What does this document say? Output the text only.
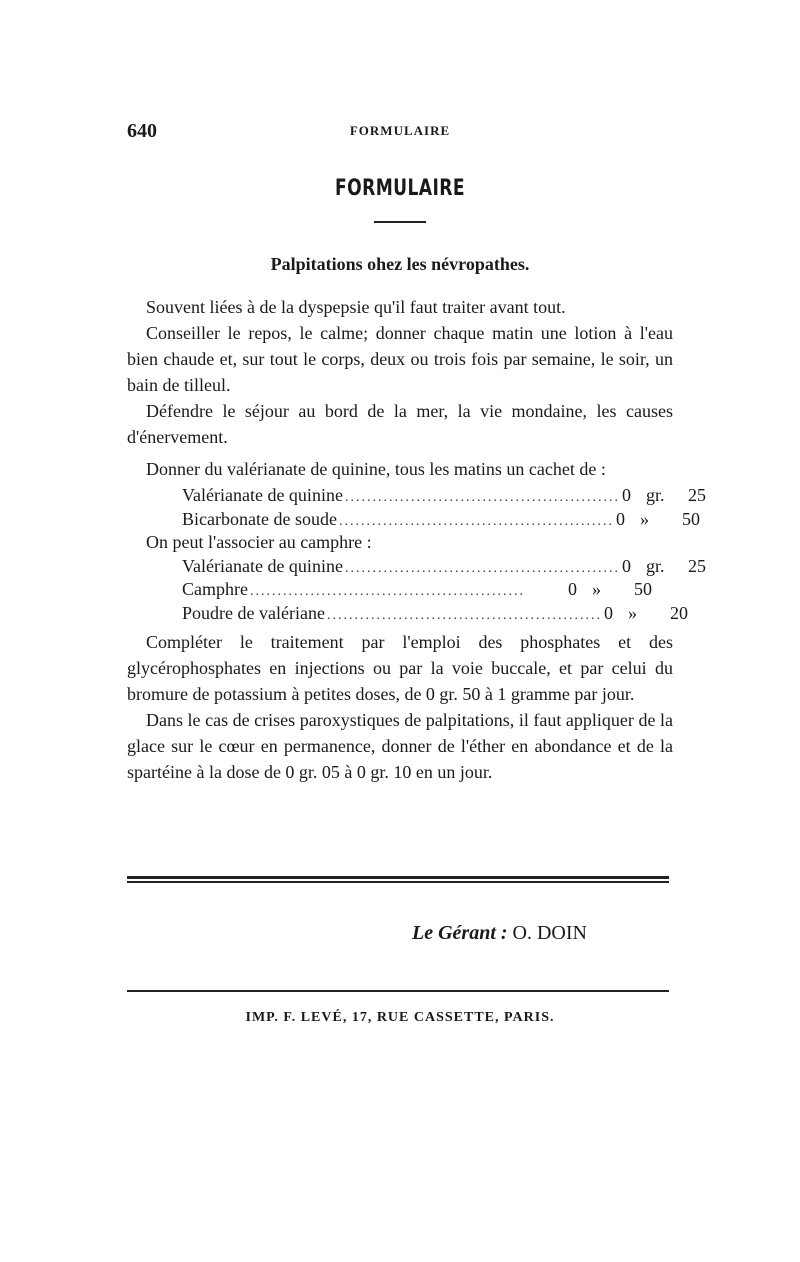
640	FORMULAIRE
FORMULAIRE
Palpitations ohez les névropathes.

Souvent liées à de la dyspepsie qu'il faut traiter avant tout.

Conseiller le repos, le calme; donner chaque matin une lotion à l'eau bien chaude et, sur tout le corps, deux ou trois fois par semaine, le soir, un bain de tilleul.

Défendre le séjour au bord de la mer, la vie mondaine, les causes d'énervement.

Donner du valérianate de quinine, tous les matins un cachet de :

Valérianate de quinine .................................................. 0 gr.	25
Bicarbonate de soude .................................................. 0 »	50
On peut l'associer au camphre :
Valérianate de quinine .................................................. 0 gr.	25
Camphre ..................................................	0 »	50
Poudre de valériane .................................................. 0 »	20

Compléter le traitement par l'emploi des phosphates et des glycérophosphates en injections ou par la voie buccale, et par celui du bromure de potassium à petites doses, de 0 gr. 50 à 1 gramme par jour.

Dans le cas de crises paroxystiques de palpitations, il faut appliquer de la glace sur le cœur en permanence, donner de l'éther en abondance et de la spartéine à la dose de 0 gr. 05 à 0 gr. 10 en un jour.

Le Gérant : O. DOIN
IMP. F. LEVÉ, 17, RUE CASSETTE, PARIS.
